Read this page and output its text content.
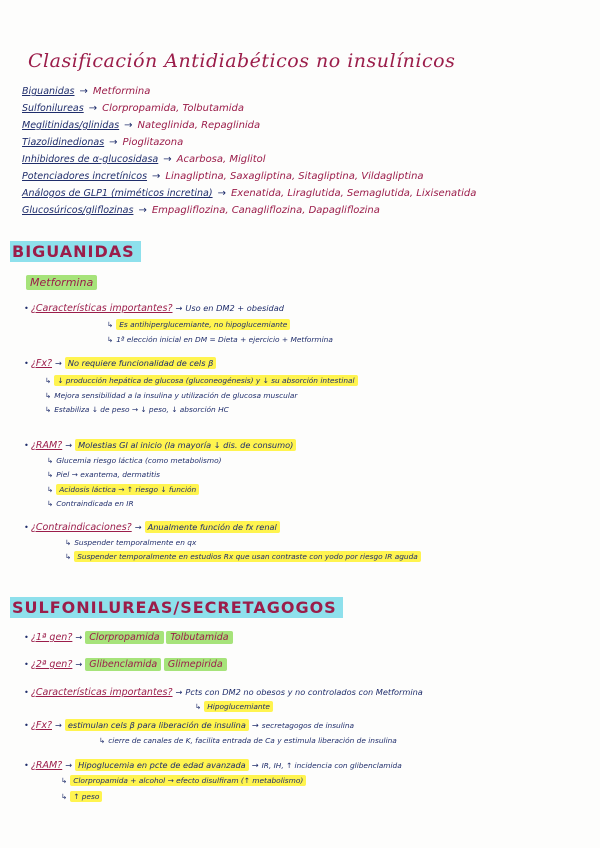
Clasificación Antidiabéticos no insulínicos
Biguanidas → Metformina
Sulfonilureas → Clorpropamida, Tolbutamida
Meglitinidas/glinidas → Nateglinida, Repaglinida
Tiazolidinedionas → Pioglitazona
Inhibidores de α-glucosidasa → Acarbosa, Miglitol
Potenciadores incretínicos → Linagliptina, Saxagliptina, Sitagliptina, Vildagliptina
Análogos de GLP1 (miméticos incretina) → Exenatida, Liraglutida, Semaglutida, Lixisenatida
Glucosúricos/gliflozinas → Empagliflozina, Canagliflozina, Dapagliflozina
BIGUANIDAS
Metformina
• ¿Características importantes? → Uso en DM2 + obesidad
↳ Es antihiperglucemiante, no hipoglucemiante
↳ 1ª elección inicial en DM = Dieta + ejercicio + Metformina
• ¿Fx? → No requiere funcionalidad de cels β
↳ ↓ producción hepática de glucosa (gluconeogénesis) y ↓ su absorción intestinal
↳ Mejora sensibilidad a la insulina y utilización de glucosa muscular
↳ Estabiliza ↓ de peso → ↓ peso, ↓ absorción HC
• ¿RAM? → Molestias GI al inicio (la mayoría ↓ dis. de consumo)
↳ Glucemia riesgo láctica (como metabolismo)
↳ Piel → exantema, dermatitis
↳ Acidosis láctica → ↑ riesgo ↓ función
↳ Contraindicada en IR
• ¿Contraindicaciones? → Anualmente función de fx renal
↳ Suspender temporalmente en qx
↳ Suspender temporalmente en estudios Rx que usan contraste con yodo por riesgo IR aguda
SULFONILUREAS/SECRETAGOGOS
• ¿1ª gen? → Clorpropamida Tolbutamida
• ¿2ª gen? → Glibenclamida Glimepirida
• ¿Características importantes? → Pcts con DM2 no obesos y no controlados con Metformina
↳ Hipoglucemiante
• ¿Fx? → estimulan cels β para liberación de insulina → secretagogos de insulina
↳ cierre de canales de K, facilita entrada de Ca y estimula liberación de insulina
• ¿RAM? → Hipoglucemia en pcte de edad avanzada → IR, IH, ↑ incidencia con glibenclamida
↳ Clorpropamida + alcohol → efecto disulfiram (↑ metabolismo)
↳ ↑ peso
